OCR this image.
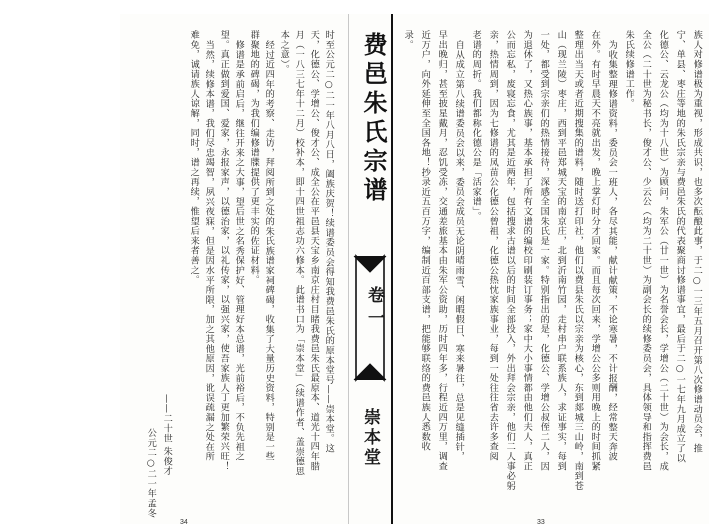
时至公元二○二一年八月八日，阖族庆贺！续谱委员会得知我费邑朱氏的原本堂号——崇本堂。这
天，化德公、学增公、俊才公、成全公在平邑县天宝乡南京庄村目睹我费邑朱氏最原本、道光十四年腊
月（一八三七年十二月）校补本，即十四世祖志功六修本。此谱书口为「崇本堂」（续谱作者、盖崇德思
本之意）。
经过近四年的考察、走访，拜阅所到之处的朱氏族谱家祠碑碣，收集了大量历史资料，特别是一些
群聚地的碑碣，为我们编修谱牒提供了更丰实的佐证材料。
修谱是承前启后，继往开来之大事，望后世之名秀保护好、管理好本总谱，光前裕后，不负先祖之
望。真正做到爱国、爱家，永报家声，以德治家，以礼传家，以强兴家，使吾家族人丁更加繁荣兴旺！
当然，续修本谱，我们尽忠竭智，夙兴夜寐，但是因水平所限，加之其他原因，讹误疏漏之处在所
难免，诚请族人谅解，同时，谱之再续，惟望后来者善之。
——二十世 朱俊才
公元二○二一年孟冬
34
费邑朱氏宗谱
卷一
崇本堂	族人对修谱极为重视，形成共识，也多次酝酿此事，于二○一三年五月召开第八次修谱动员会，推
宁、单县、枣庄等地的朱氏宗亲与费邑朱氏的代表聚商讨修谱事宜，最后于二○一七年九月成立了以
化德公、云龙公（均为十八世）为顾问，朱军公（廿一世）为名誉会长，学增公（二十世）为会长，成
全公（二十世为秘书长，俊才公、少云公（均为二十世）为副会长的续修委员会，具体领导和指挥费邑
朱氏续修谱工作。
为收集整理修谱资料，委员会一班人，各尽其能，献计献策，不论寒暑，不计报酬，经常整天奔波
在外。有时早晨天不亮就出发，晚上掌灯时分才回家。而且每次回来，学增公公多则用晚上的时间抓紧
整理出当天或者近期搜集的谱料，随时送打印社，他们以费县朱氏以宗亲为核心，东到郯城三山岭，南到苍
山（现兰陵）枣庄，西到平邑郑城天宝的南京庄，北到沂南竹园，走村串户联系族人，求证事实，每到
一处，都受到宗亲们的热情接待，深感全国朱氏是一家。特别指出的是，化德公、学增公叔侄二人，因
为退休了，又热心族事，基本承担了所有文谱的编校印刷装订事务；家中大小事情都由他们夫人，真正
公而忘私，废寝忘食，尤其是近两年，包括搜求古谱以后的时间全部投入，外出拜会宗亲，他们二人事必躬
亲，热情周到，因为七修谱的凤苗公化德公曾祖，化德公热忱家族事业，每到一处往往省去许多查阅
老谱的周折。我们都称化德公是「活家谱」。
自从成立第八续谱委员会以来，委员会成员无论阴晴雨雪、闲暇假日、寒来暑往，总是见缝插针，
早出晚归，甚至披星戴月，忍饥受冻，交通差旅基本由朱军公资助，历时四年多，行程近四万里，调查
近万户，向外延伸至全国各地！抄录近五百万字，编制近百部支谱，把能够联络的费邑族人悉数收
录。
33
